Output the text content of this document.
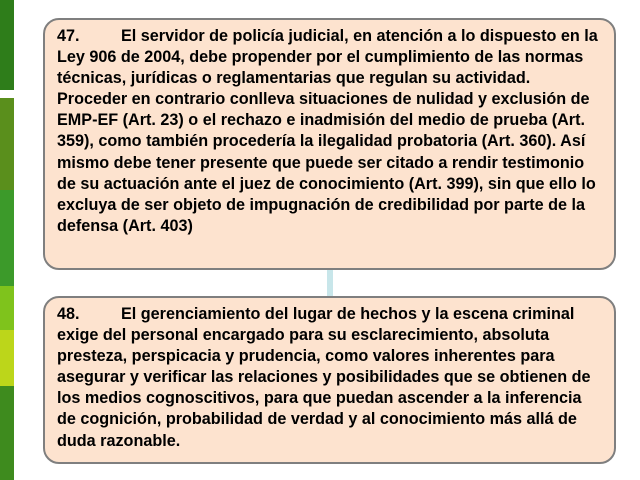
47.	El servidor de policía judicial, en atención a lo dispuesto en la Ley 906 de 2004, debe propender por el cumplimiento de las normas técnicas, jurídicas o reglamentarias que regulan su actividad. Proceder en contrario conlleva situaciones de nulidad y exclusión de EMP-EF (Art. 23) o el rechazo e inadmisión del medio de prueba (Art. 359), como también procedería la ilegalidad probatoria (Art. 360). Así mismo debe tener presente que puede ser citado a rendir testimonio de su actuación ante el juez de conocimiento (Art. 399), sin que ello lo excluya de ser objeto de impugnación de credibilidad por parte de la defensa (Art. 403)

48.	El gerenciamiento del lugar de hechos y la escena criminal exige del personal encargado para su esclarecimiento, absoluta presteza, perspicacia y prudencia, como valores inherentes para asegurar y verificar las relaciones y posibilidades que se obtienen de los medios cognoscitivos, para que puedan ascender a la inferencia de cognición, probabilidad de verdad y al conocimiento más allá de duda razonable.
